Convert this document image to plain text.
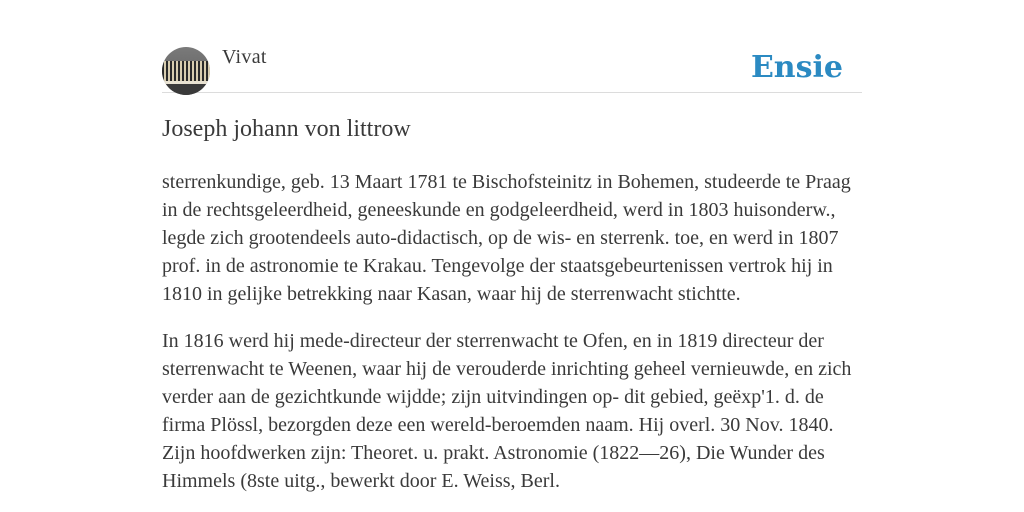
Vivat	Ensie
Joseph johann von littrow

sterrenkundige, geb. 13 Maart 1781 te Bischofsteinitz in Bohemen, studeerde te Praag in de rechtsgeleerdheid, geneeskunde en godgeleerdheid, werd in 1803 huisonderw., legde zich grootendeels auto-didactisch, op de wis- en sterrenk. toe, en werd in 1807 prof. in de astronomie te Krakau. Tengevolge der staatsgebeurtenissen vertrok hij in 1810 in gelijke betrekking naar Kasan, waar hij de sterrenwacht stichtte.

In 1816 werd hij mede-directeur der sterrenwacht te Ofen, en in 1819 directeur der sterrenwacht te Weenen, waar hij de verouderde inrichting geheel vernieuwde, en zich verder aan de gezichtkunde wijdde; zijn uitvindingen op- dit gebied, geëxp'1. d. de firma Plössl, bezorgden deze een wereld-beroemden naam. Hij overl. 30 Nov. 1840. Zijn hoofdwerken zijn: Theoret. u. prakt. Astronomie (1822—26), Die Wunder des Himmels (8ste uitg., bewerkt door E. Weiss, Berl.
